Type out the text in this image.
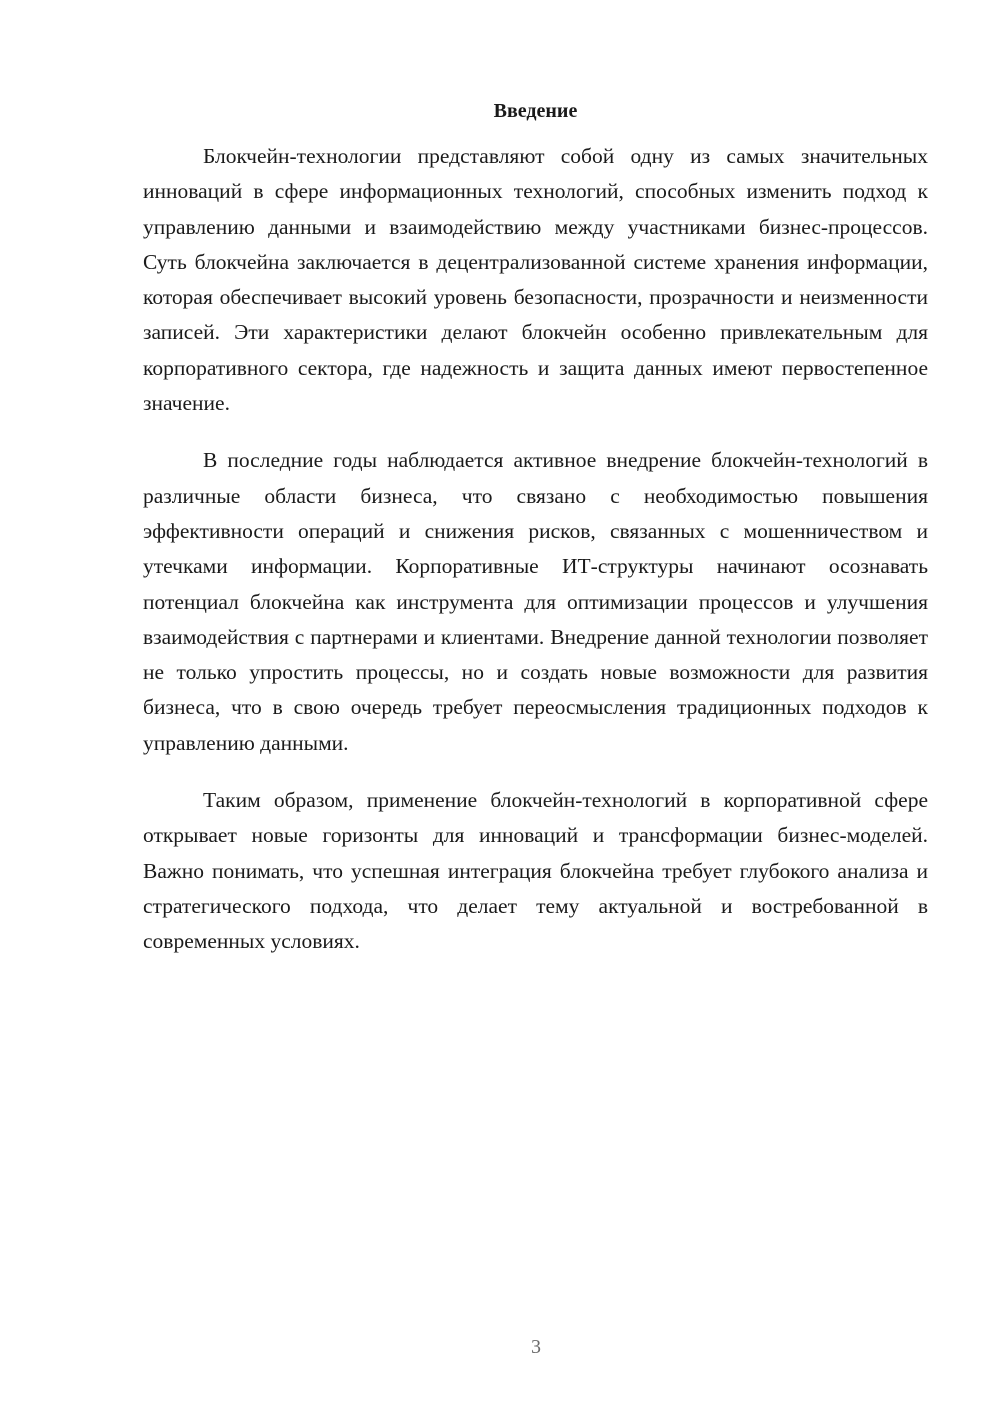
Введение

Блокчейн-технологии представляют собой одну из самых значительных инноваций в сфере информационных технологий, способных изменить подход к управлению данными и взаимодействию между участниками бизнес-процессов. Суть блокчейна заключается в децентрализованной системе хранения информации, которая обеспечивает высокий уровень безопасности, прозрачности и неизменности записей. Эти характеристики делают блокчейн особенно привлекательным для корпоративного сектора, где надежность и защита данных имеют первостепенное значение.

В последние годы наблюдается активное внедрение блокчейн-технологий в различные области бизнеса, что связано с необходимостью повышения эффективности операций и снижения рисков, связанных с мошенничеством и утечками информации. Корпоративные ИТ-структуры начинают осознавать потенциал блокчейна как инструмента для оптимизации процессов и улучшения взаимодействия с партнерами и клиентами. Внедрение данной технологии позволяет не только упростить процессы, но и создать новые возможности для развития бизнеса, что в свою очередь требует переосмысления традиционных подходов к управлению данными.

Таким образом, применение блокчейн-технологий в корпоративной сфере открывает новые горизонты для инноваций и трансформации бизнес-моделей. Важно понимать, что успешная интеграция блокчейна требует глубокого анализа и стратегического подхода, что делает тему актуальной и востребованной в современных условиях.

3
